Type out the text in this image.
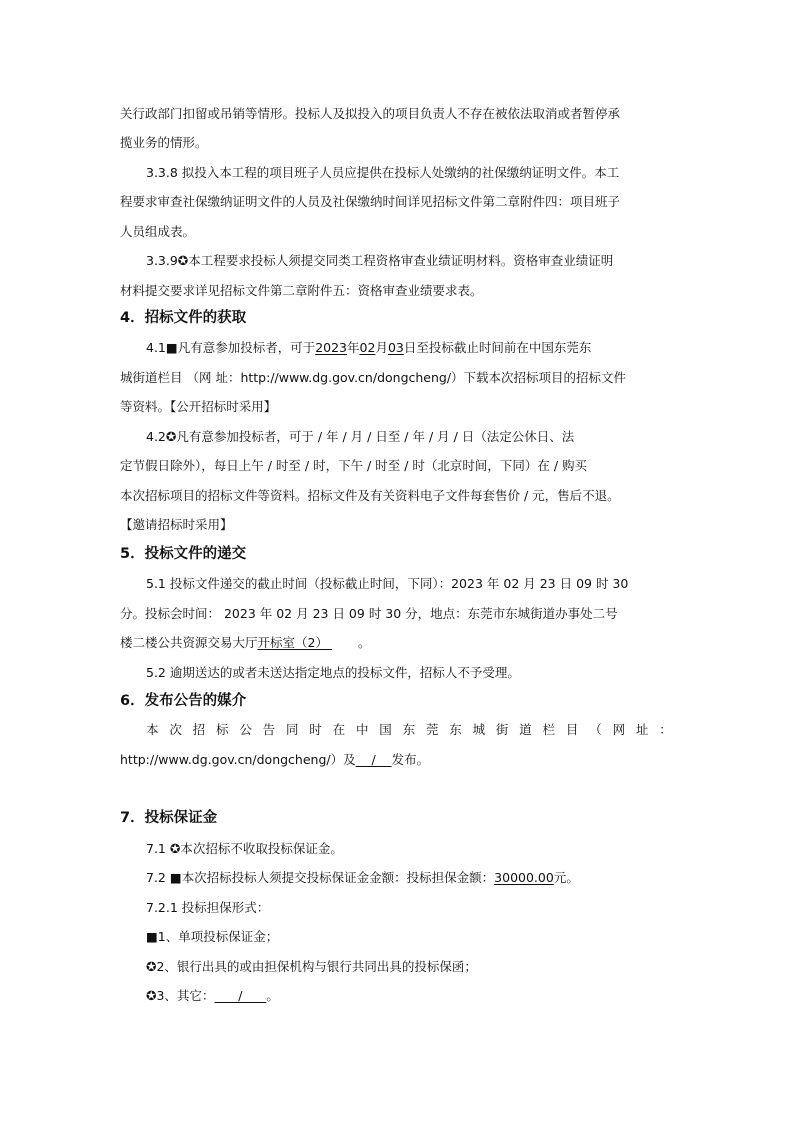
关行政部门扣留或吊销等情形。投标人及拟投入的项目负责人不存在被依法取消或者暂停承
揽业务的情形。
3.3.8 拟投入本工程的项目班子人员应提供在投标人处缴纳的社保缴纳证明文件。本工
程要求审查社保缴纳证明文件的人员及社保缴纳时间详见招标文件第二章附件四：项目班子
人员组成表。
3.3.9✪本工程要求投标人须提交同类工程资格审查业绩证明材料。资格审查业绩证明
材料提交要求详见招标文件第二章附件五：资格审查业绩要求表。
4．招标文件的获取
4.1■凡有意参加投标者，可于2023年02月03日至投标截止时间前在中国东莞东
城街道栏目 （网 址：http://www.dg.gov.cn/dongcheng/）下载本次招标项目的招标文件
等资料。【公开招标时采用】
4.2✪凡有意参加投标者，可于 / 年 / 月 / 日至 / 年 / 月 / 日（法定公休日、法
定节假日除外），每日上午 / 时至 / 时，下午 / 时至 / 时（北京时间，下同）在 / 购买
本次招标项目的招标文件等资料。招标文件及有关资料电子文件每套售价 / 元，售后不退。
【邀请招标时采用】
5．投标文件的递交
5.1 投标文件递交的截止时间（投标截止时间，下同）：2023 年 02 月 23 日 09 时 30
分。投标会时间： 2023 年 02 月 23 日 09 时 30 分，地点：东莞市东城街道办事处二号
楼二楼公共资源交易大厅开标室（2） 。
5.2 逾期送达的或者未送达指定地点的投标文件，招标人不予受理。
6．发布公告的媒介
本 次 招 标 公 告 同 时 在 中 国 东 莞 东 城 街 道 栏 目 （ 网 址 ：
http://www.dg.gov.cn/dongcheng/）及    /    发布。
7．投标保证金
7.1 ✪本次招标不收取投标保证金。
7.2 ■本次招标投标人须提交投标保证金金额：投标担保金额：30000.00元。
7.2.1 投标担保形式：
■1、单项投标保证金；
✪2、银行出具的或由担保机构与银行共同出具的投标保函；
✪3、其它：      /      。
